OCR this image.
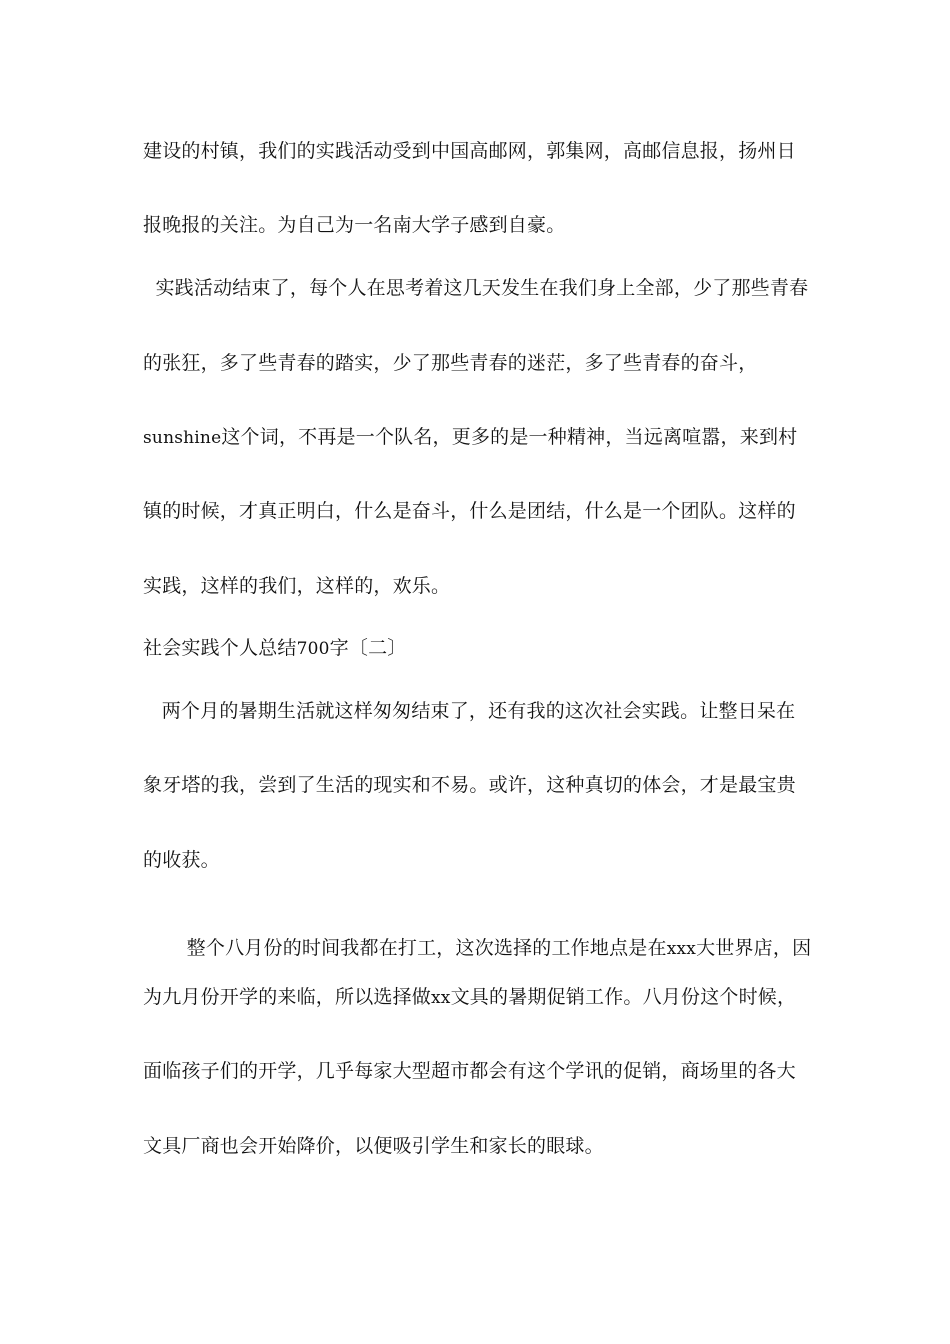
建设的村镇，我们的实践活动受到中国高邮网，郭集网，高邮信息报，扬州日
报晚报的关注。为自己为一名南大学子感到自豪。
实践活动结束了，每个人在思考着这几天发生在我们身上全部，少了那些青春
的张狂，多了些青春的踏实，少了那些青春的迷茫，多了些青春的奋斗，
sunshine这个词，不再是一个队名，更多的是一种精神，当远离喧嚣，来到村
镇的时候，才真正明白，什么是奋斗，什么是团结，什么是一个团队。这样的
实践，这样的我们，这样的，欢乐。
社会实践个人总结700字〔二〕
两个月的暑期生活就这样匆匆结束了，还有我的这次社会实践。让整日呆在
象牙塔的我，尝到了生活的现实和不易。或许，这种真切的体会，才是最宝贵
的收获。

整个八月份的时间我都在打工，这次选择的工作地点是在xxx大世界店，因

为九月份开学的来临，所以选择做xx文具的暑期促销工作。八月份这个时候，
面临孩子们的开学，几乎每家大型超市都会有这个学讯的促销，商场里的各大
文具厂商也会开始降价，以便吸引学生和家长的眼球。
